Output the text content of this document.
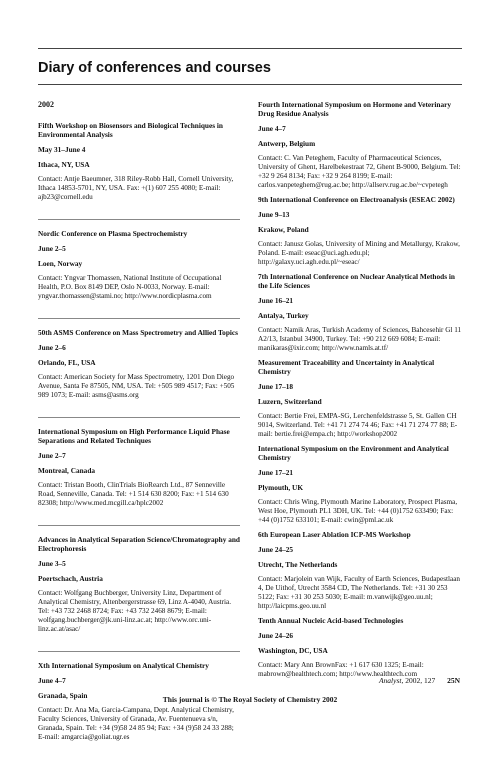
Diary of conferences and courses
2002
Fifth Workshop on Biosensors and Biological Techniques in Environmental Analysis
May 31–June 4
Ithaca, NY, USA
Contact: Antje Baeumner, 318 Riley-Robb Hall, Cornell University, Ithaca 14853-5701, NY, USA. Fax: +(1) 607 255 4080; E-mail: ajb23@cornell.edu
Nordic Conference on Plasma Spectrochemistry
June 2–5
Loen, Norway
Contact: Yngvar Thomassen, National Institute of Occupational Health, P.O. Box 8149 DEP, Oslo N-0033, Norway. E-mail: yngvar.thomassen@stami.no; http://www.nordicplasma.com
50th ASMS Conference on Mass Spectrometry and Allied Topics
June 2–6
Orlando, FL, USA
Contact: American Society for Mass Spectrometry, 1201 Don Diego Avenue, Santa Fe 87505, NM, USA. Tel: +505 989 4517; Fax: +505 989 1073; E-mail: asms@asms.org
International Symposium on High Performance Liquid Phase Separations and Related Techniques
June 2–7
Montreal, Canada
Contact: Tristan Booth, ClinTrials BioRearch Ltd., 87 Senneville Road, Senneville, Canada. Tel: +1 514 630 8200; Fax: +1 514 630 82308; http://www.med.mcgill.ca/hplc2002
Advances in Analytical Separation Science/Chromatography and Electrophoresis
June 3–5
Poertschach, Austria
Contact: Wolfgang Buchberger, University Linz, Department of Analytical Chemistry, Altenbergerstrasse 69, Linz A-4040, Austria. Tel: +43 732 2468 8724; Fax: +43 732 2468 8679; E-mail: wolfgang.buchberger@jk.uni-linz.ac.at; http://www.orc.uni-linz.ac.at/asac/
Xth International Symposium on Analytical Chemistry
June 4–7
Granada, Spain
Contact: Dr. Ana Ma, Garcia-Campana, Dept. Analytical Chemistry, Faculty Sciences, University of Granada, Av. Fuentenueva s/n, Granada, Spain. Tel: +34 (9)58 24 85 94; Fax: +34 (9)58 24 33 288; E-mail: amgarcia@goliat.ugr.es
Fourth International Symposium on Hormone and Veterinary Drug Residue Analysis
June 4–7
Antwerp, Belgium
Contact: C. Van Peteghem, Faculty of Pharmaceutical Sciences, University of Ghent, Harelbekestraat 72, Ghent B-9000, Belgium. Tel: +32 9 264 8134; Fax: +32 9 264 8199; E-mail: carlos.vanpeteghem@rug.ac.be; http://allserv.rug.ac.be/~cvpetegh
9th International Conference on Electroanalysis (ESEAC 2002)
June 9–13
Krakow, Poland
Contact: Janusz Golas, University of Mining and Metallurgy, Krakow, Poland. E-mail: eseac@uci.agh.edu.pl; http://galaxy.uci.agh.edu.pl/~eseac/
7th International Conference on Nuclear Analytical Methods in the Life Sciences
June 16–21
Antalya, Turkey
Contact: Namik Aras, Turkish Academy of Sciences, Bahcesehir Gl 11 A2/13, Istanbul 34900, Turkey. Tel: +90 212 669 6084; E-mail: manikaras@ixir.com; http://www.namls.at.tf/
Measurement Traceability and Uncertainty in Analytical Chemistry
June 17–18
Luzern, Switzerland
Contact: Bertie Frei, EMPA-SG, Lerchenfeldstrasse 5, St. Gallen CH 9014, Switzerland. Tel: +41 71 274 74 46; Fax: +41 71 274 77 88; E-mail: bertie.frei@empa.ch; http://workshop2002
International Symposium on the Environment and Analytical Chemistry
June 17–21
Plymouth, UK
Contact: Chris Wing, Plymouth Marine Laboratory, Prospect Plasma, West Hoe, Plymouth PL1 3DH, UK. Tel: +44 (0)1752 633490; Fax: +44 (0)1752 633101; E-mail: cwin@pml.ac.uk
6th European Laser Ablation ICP-MS Workshop
June 24–25
Utrecht, The Netherlands
Contact: Marjolein van Wijk, Faculty of Earth Sciences, Budapestlaan 4, De Uithof, Utrecht 3584 CD, The Netherlands. Tel: +31 30 253 5122; Fax: +31 30 253 5030; E-mail: m.vanwijk@geo.uu.nl; http://laicpms.geo.uu.nl
Tenth Annual Nucleic Acid-based Technologies
June 24–26
Washington, DC, USA
Contact: Mary Ann BrownFax: +1 617 630 1325; E-mail: mabrown@healthtech.com; http://www.healthtech.com
Analyst, 2002, 127 25N
This journal is © The Royal Society of Chemistry 2002
